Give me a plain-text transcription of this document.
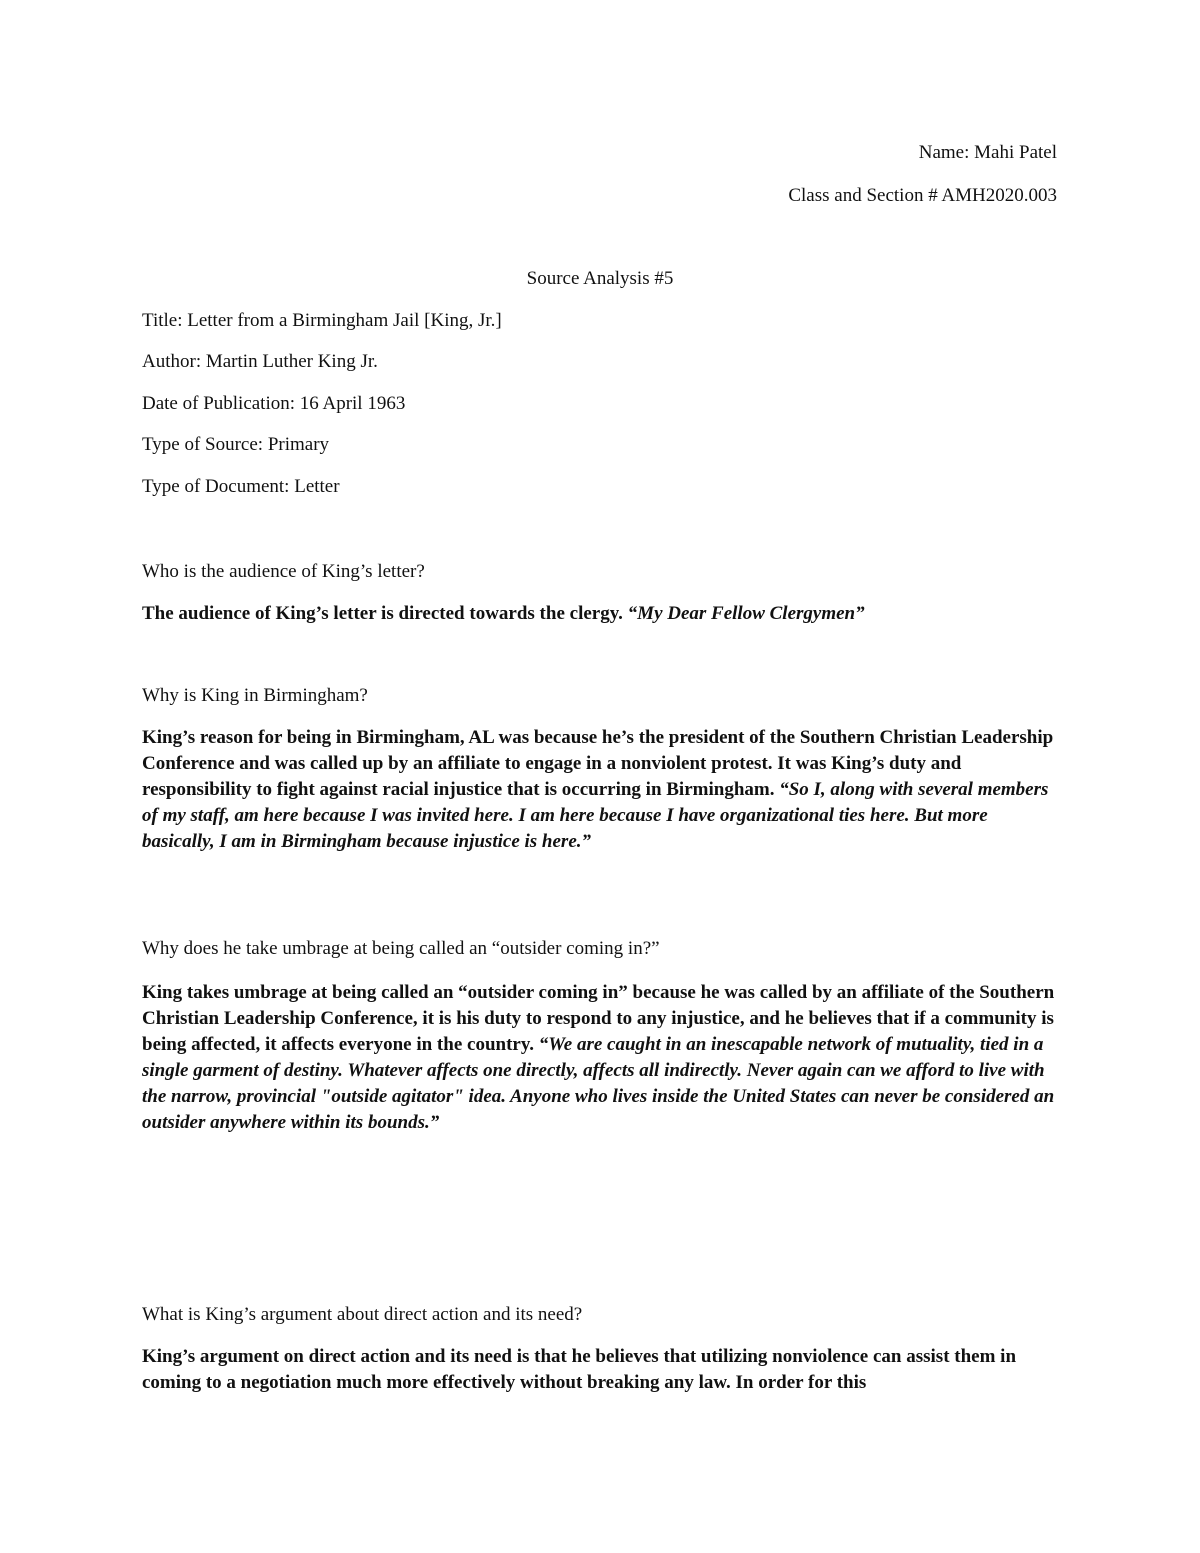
Name: Mahi Patel
Class and Section # AMH2020.003
Source Analysis #5
Title: Letter from a Birmingham Jail [King, Jr.]
Author: Martin Luther King Jr.
Date of Publication: 16 April 1963
Type of Source: Primary
Type of Document: Letter
Who is the audience of King’s letter?
The audience of King’s letter is directed towards the clergy. “My Dear Fellow Clergymen”
Why is King in Birmingham?
King’s reason for being in Birmingham, AL was because he’s the president of the Southern Christian Leadership Conference and was called up by an affiliate to engage in a nonviolent protest. It was King’s duty and responsibility to fight against racial injustice that is occurring in Birmingham. “So I, along with several members of my staff, am here because I was invited here. I am here because I have organizational ties here. But more basically, I am in Birmingham because injustice is here.”
Why does he take umbrage at being called an “outsider coming in?”
King takes umbrage at being called an “outsider coming in” because he was called by an affiliate of the Southern Christian Leadership Conference, it is his duty to respond to any injustice, and he believes that if a community is being affected, it affects everyone in the country. “We are caught in an inescapable network of mutuality, tied in a single garment of destiny. Whatever affects one directly, affects all indirectly. Never again can we afford to live with the narrow, provincial "outside agitator" idea. Anyone who lives inside the United States can never be considered an outsider anywhere within its bounds.”
What is King’s argument about direct action and its need?
King’s argument on direct action and its need is that he believes that utilizing nonviolence can assist them in coming to a negotiation much more effectively without breaking any law. In order for this
